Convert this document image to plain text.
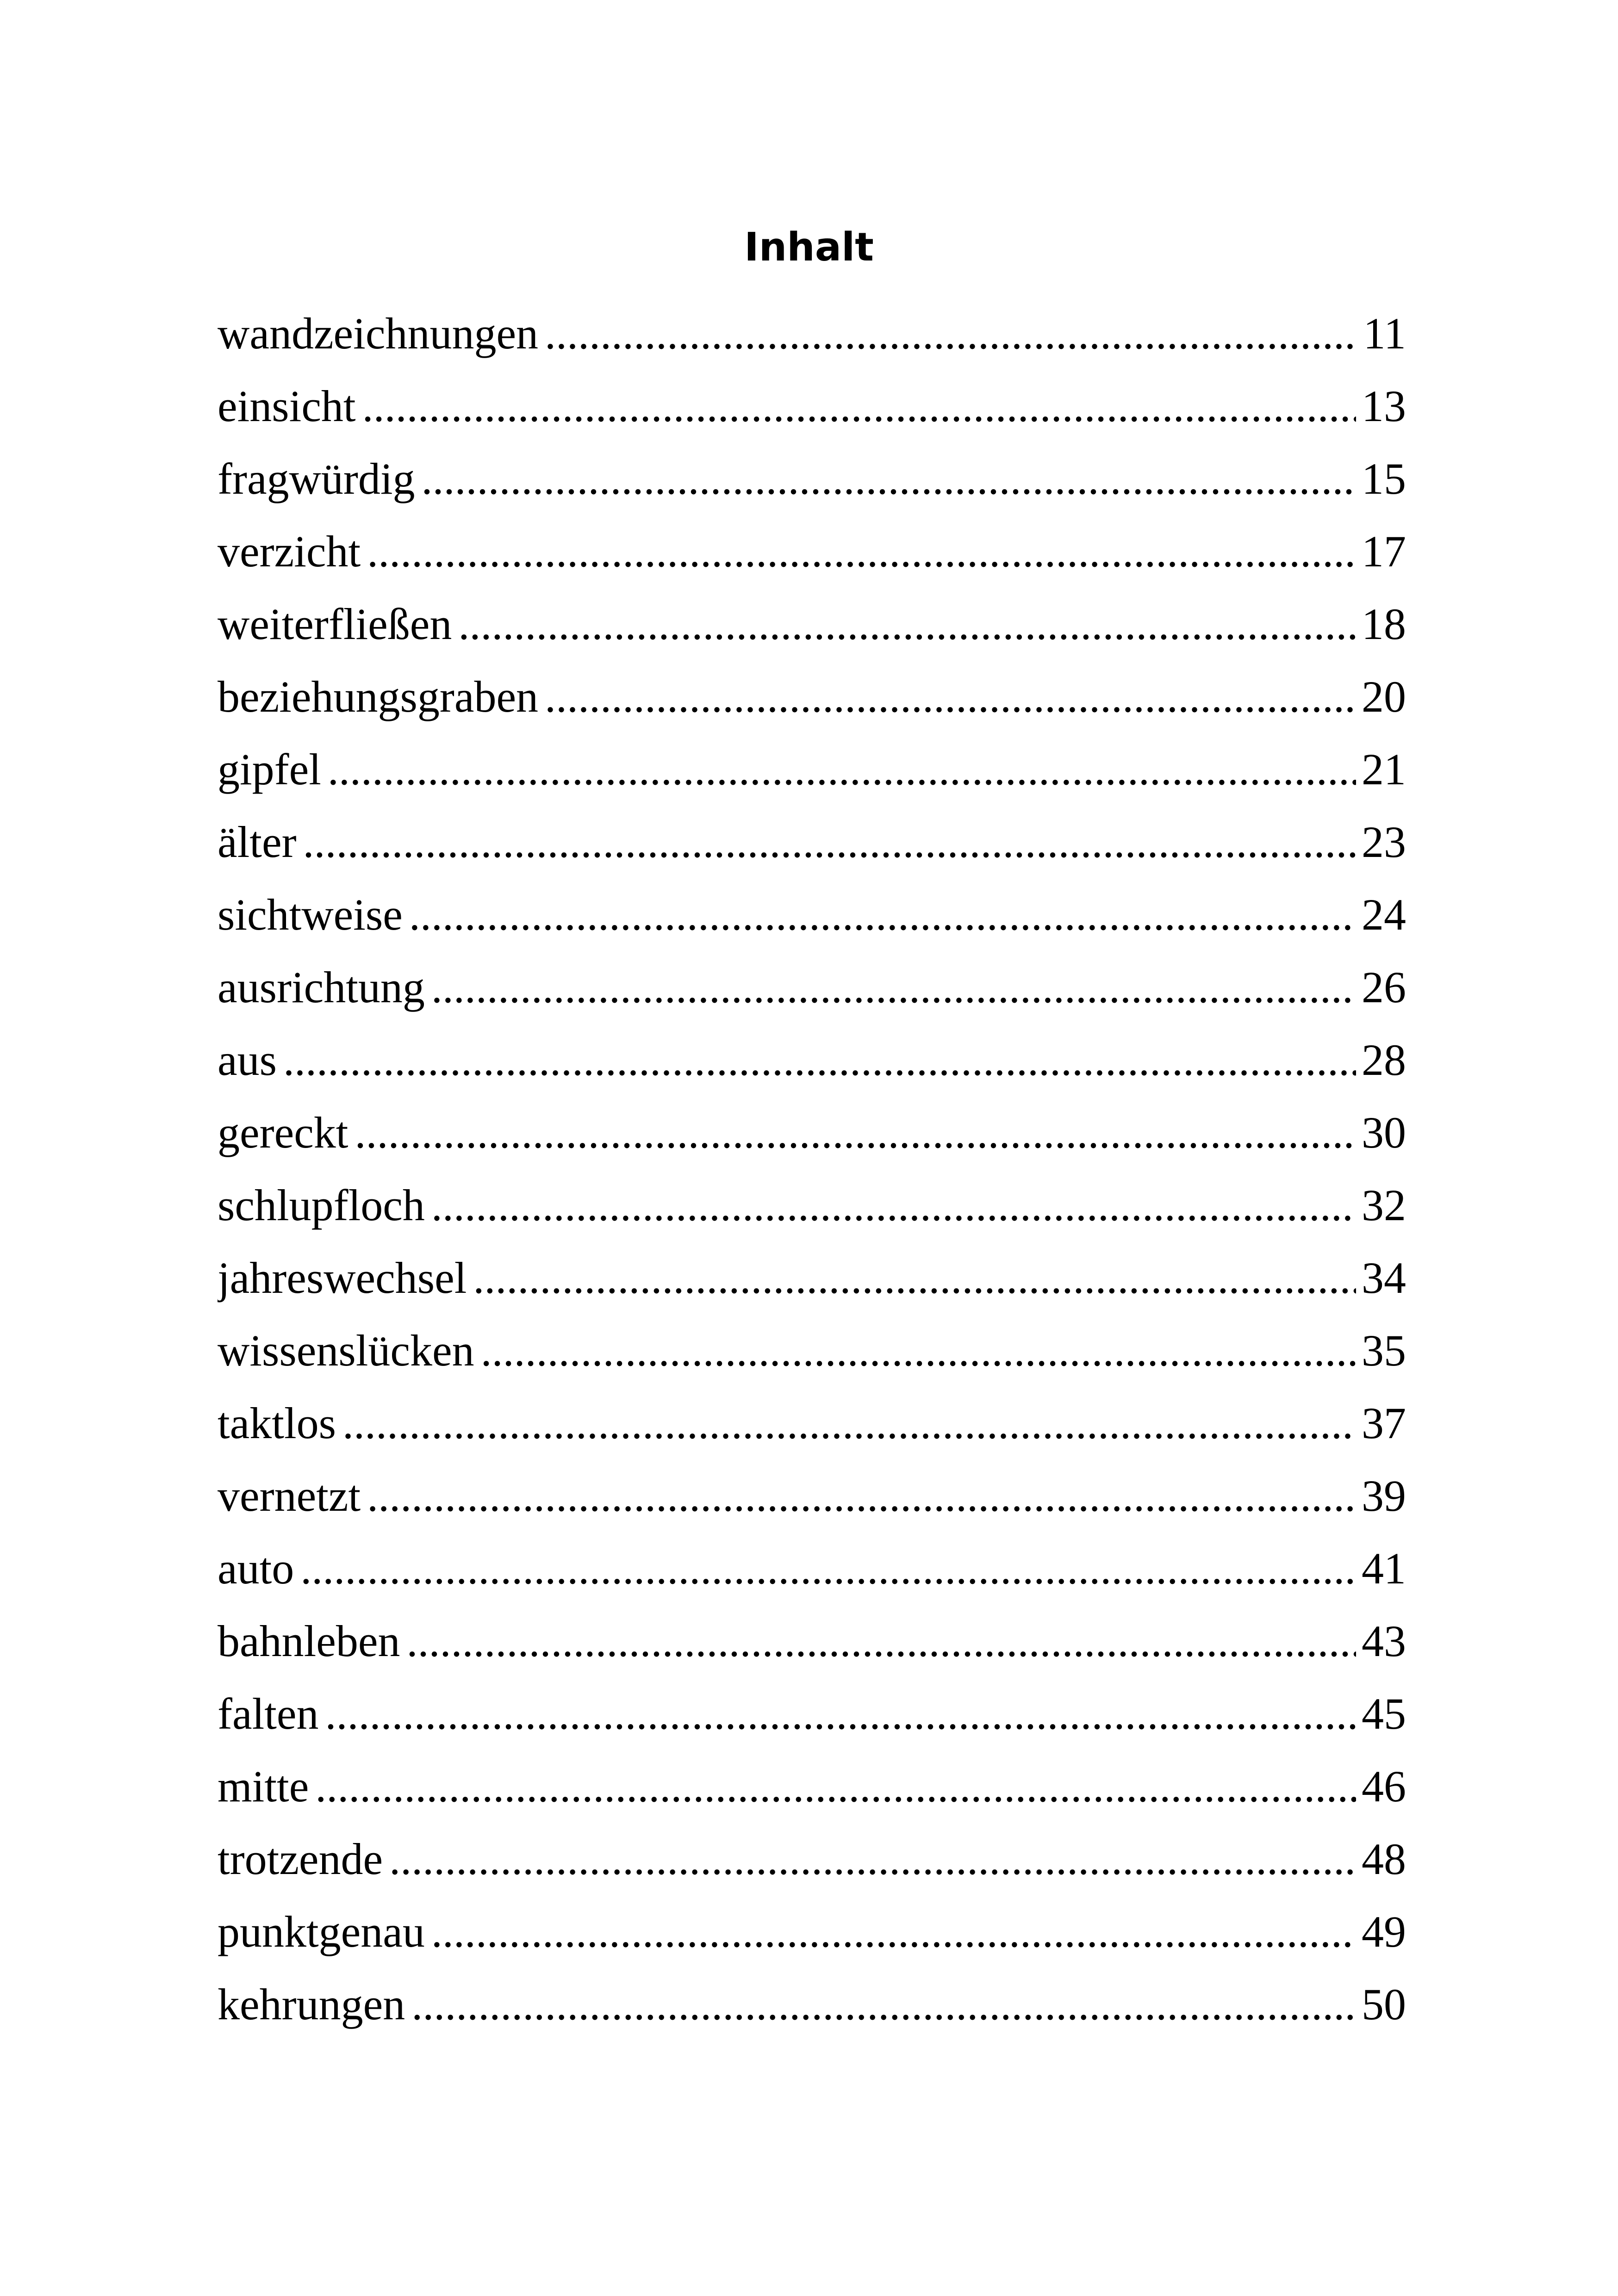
Inhalt
wandzeichnungen .....	11
einsicht .....	13
fragwürdig .....	15
verzicht .....	17
weiterfließen .....	18
beziehungsgraben .....	20
gipfel .....	21
älter .....	23
sichtweise .....	24
ausrichtung .....	26
aus .....	28
gereckt .....	30
schlupfloch .....	32
jahreswechsel .....	34
wissenslücken .....	35
taktlos .....	37
vernetzt .....	39
auto .....	41
bahnleben .....	43
falten .....	45
mitte .....	46
trotzende .....	48
punktgenau .....	49
kehrungen .....	50
